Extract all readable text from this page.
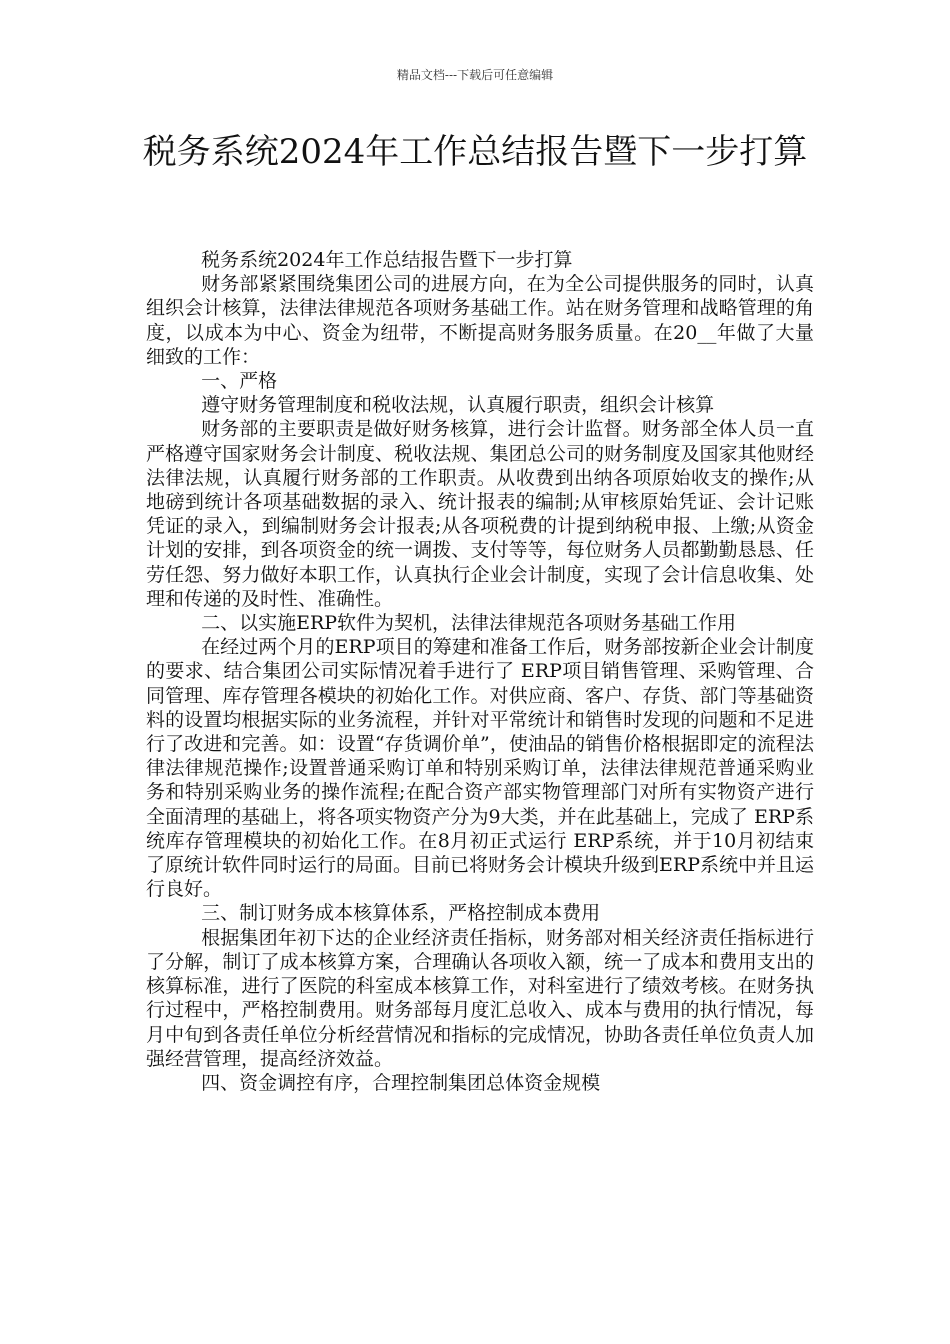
精品文档---下载后可任意编辑
税务系统2024年工作总结报告暨下一步打算

税务系统2024年工作总结报告暨下一步打算

财务部紧紧围绕集团公司的进展方向，在为全公司提供服务的同时，认真组织会计核算，法律法律规范各项财务基础工作。站在财务管理和战略管理的角度，以成本为中心、资金为纽带，不断提高财务服务质量。在20__年做了大量细致的工作：

一、严格

遵守财务管理制度和税收法规，认真履行职责，组织会计核算

财务部的主要职责是做好财务核算，进行会计监督。财务部全体人员一直严格遵守国家财务会计制度、税收法规、集团总公司的财务制度及国家其他财经法律法规，认真履行财务部的工作职责。从收费到出纳各项原始收支的操作;从地磅到统计各项基础数据的录入、统计报表的编制;从审核原始凭证、会计记账凭证的录入，到编制财务会计报表;从各项税费的计提到纳税申报、上缴;从资金计划的安排，到各项资金的统一调拨、支付等等，每位财务人员都勤勤恳恳、任劳任怨、努力做好本职工作，认真执行企业会计制度，实现了会计信息收集、处理和传递的及时性、准确性。

二、以实施ERP软件为契机，法律法律规范各项财务基础工作用

在经过两个月的ERP项目的筹建和准备工作后，财务部按新企业会计制度的要求、结合集团公司实际情况着手进行了 ERP项目销售管理、采购管理、合同管理、库存管理各模块的初始化工作。对供应商、客户、存货、部门等基础资料的设置均根据实际的业务流程，并针对平常统计和销售时发现的问题和不足进行了改进和完善。如：设置“存货调价单”，使油品的销售价格根据即定的流程法律法律规范操作;设置普通采购订单和特别采购订单，法律法律规范普通采购业务和特别采购业务的操作流程;在配合资产部实物管理部门对所有实物资产进行全面清理的基础上，将各项实物资产分为9大类，并在此基础上，完成了 ERP系统库存管理模块的初始化工作。在8月初正式运行 ERP系统，并于10月初结束了原统计软件同时运行的局面。目前已将财务会计模块升级到ERP系统中并且运行良好。

三、制订财务成本核算体系，严格控制成本费用

根据集团年初下达的企业经济责任指标，财务部对相关经济责任指标进行了分解，制订了成本核算方案，合理确认各项收入额，统一了成本和费用支出的核算标准，进行了医院的科室成本核算工作，对科室进行了绩效考核。在财务执行过程中，严格控制费用。财务部每月度汇总收入、成本与费用的执行情况，每月中旬到各责任单位分析经营情况和指标的完成情况，协助各责任单位负责人加强经营管理，提高经济效益。

四、资金调控有序，合理控制集团总体资金规模
